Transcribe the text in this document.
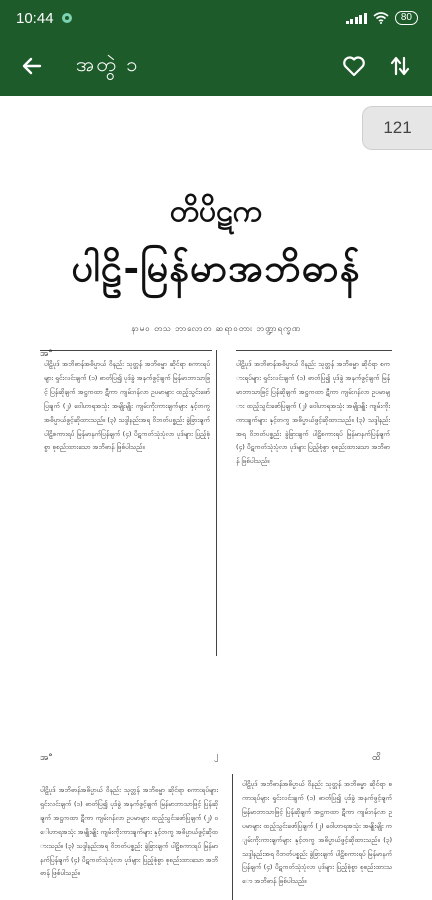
10:44	80
အတွဲ ၁
တိပိဋက
ပါဠိ-မြန်မာအဘိဓာန်
နာမ၀ တသ ဘာလောတ ဆရာ၀တား ဘဏ္ဍာရက္ခဏ
ပါဠိပုဒ် အဘိဓာန်အဓိပ္ပာယ် ဝိနည်း သုတ္တန် အဘိဓမ္မာ ဆိုင်ရာ စကားရပ်များ ရှင်းလင်းချက် (၁) ဓာတ်ပြ၍ ပုဒ်ခွဲ အနက်ဖွင့်ချက် မြန်မာဘာသာဖြင့် ပြန်ဆိုချက် အဋ္ဌကထာ ဋီကာ ကျမ်းဂန်လာ ဥပမာများ ထည့်သွင်းဖော်ပြချက် (၂) ဝေါဟာရအသုံး အမျိုးမျိုး ကျမ်းကိုးကားချက်များ နှင့်တကွ အဓိပ္ပာယ်ဖွင့်ဆိုထားသည်။ (၃) သဒ္ဒါနည်းအရ ဝိဘတ်ပစ္စည်း ခွဲခြားချက် ပါဠိစကားရပ် မြန်မာနက်ပြန်ချက် (၄) ပိဋကတ်သုံးပုံလာ ပုဒ်များ ပြည့်စုံစွာ စုစည်းထားသော အဘိဓာန် ဖြစ်ပါသည်။
ပါဠိပုဒ် အဘိဓာန်အဓိပ္ပာယ် ဝိနည်း သုတ္တန် အဘိဓမ္မာ ဆိုင်ရာ စကားရပ်များ ရှင်းလင်းချက် (၁) ဓာတ်ပြ၍ ပုဒ်ခွဲ အနက်ဖွင့်ချက် မြန်မာဘာသာဖြင့် ပြန်ဆိုချက် အဋ္ဌကထာ ဋီကာ ကျမ်းဂန်လာ ဥပမာများ ထည့်သွင်းဖော်ပြချက် (၂) ဝေါဟာရအသုံး အမျိုးမျိုး ကျမ်းကိုးကားချက်များ နှင့်တကွ အဓိပ္ပာယ်ဖွင့်ဆိုထားသည်။ (၃) သဒ္ဒါနည်းအရ ဝိဘတ်ပစ္စည်း ခွဲခြားချက် ပါဠိစကားရပ် မြန်မာနက်ပြန်ချက် (၄) ပိဋကတ်သုံးပုံလာ ပုဒ်များ ပြည့်စုံစွာ စုစည်းထားသော အဘိဓာန် ဖြစ်ပါသည်။
အ°
အ°	၂	ထိ
ပါဠိပုဒ် အဘိဓာန်အဓိပ္ပာယ် ဝိနည်း သုတ္တန် အဘိဓမ္မာ ဆိုင်ရာ စကားရပ်များ ရှင်းလင်းချက် (၁) ဓာတ်ပြ၍ ပုဒ်ခွဲ အနက်ဖွင့်ချက် မြန်မာဘာသာဖြင့် ပြန်ဆိုချက် အဋ္ဌကထာ ဋီကာ ကျမ်းဂန်လာ ဥပမာများ ထည့်သွင်းဖော်ပြချက် (၂) ဝေါဟာရအသုံး အမျိုးမျိုး ကျမ်းကိုးကားချက်များ နှင့်တကွ အဓိပ္ပာယ်ဖွင့်ဆိုထားသည်။ (၃) သဒ္ဒါနည်းအရ ဝိဘတ်ပစ္စည်း ခွဲခြားချက် ပါဠိစကားရပ် မြန်မာနက်ပြန်ချက် (၄) ပိဋကတ်သုံးပုံလာ ပုဒ်များ ပြည့်စုံစွာ စုစည်းထားသော အဘိဓာန် ဖြစ်ပါသည်။
ပါဠိပုဒ် အဘိဓာန်အဓိပ္ပာယ် ဝိနည်း သုတ္တန် အဘိဓမ္မာ ဆိုင်ရာ စကားရပ်များ ရှင်းလင်းချက် (၁) ဓာတ်ပြ၍ ပုဒ်ခွဲ အနက်ဖွင့်ချက် မြန်မာဘာသာဖြင့် ပြန်ဆိုချက် အဋ္ဌကထာ ဋီကာ ကျမ်းဂန်လာ ဥပမာများ ထည့်သွင်းဖော်ပြချက် (၂) ဝေါဟာရအသုံး အမျိုးမျိုး ကျမ်းကိုးကားချက်များ နှင့်တကွ အဓိပ္ပာယ်ဖွင့်ဆိုထားသည်။ (၃) သဒ္ဒါနည်းအရ ဝိဘတ်ပစ္စည်း ခွဲခြားချက် ပါဠိစကားရပ် မြန်မာနက်ပြန်ချက် (၄) ပိဋကတ်သုံးပုံလာ ပုဒ်များ ပြည့်စုံစွာ စုစည်းထားသော အဘိဓာန် ဖြစ်ပါသည်။
121
